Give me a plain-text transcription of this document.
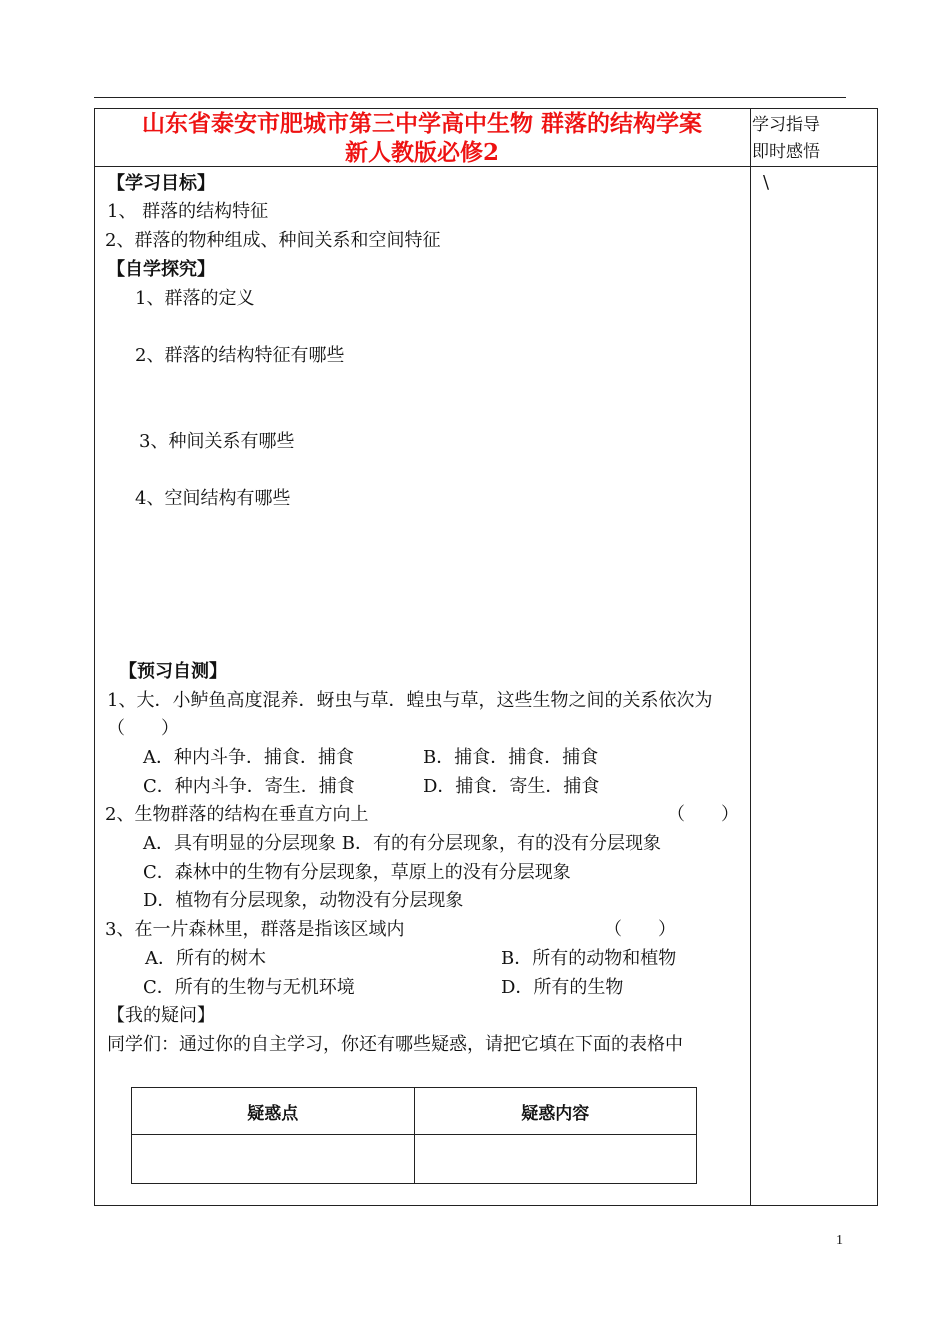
山东省泰安市肥城市第三中学高中生物 群落的结构学案
新人教版必修2
学习指导
即时感悟
\
【学习目标】
1、 群落的结构特征
2、群落的物种组成、种间关系和空间特征
【自学探究】
1、群落的定义
2、群落的结构特征有哪些
3、种间关系有哪些
4、空间结构有哪些
【预习自测】
1、大．小鲈鱼高度混养．蚜虫与草．蝗虫与草，这些生物之间的关系依次为
（　　）
A．种内斗争．捕食．捕食	B．捕食．捕食．捕食
C．种内斗争．寄生．捕食	D．捕食．寄生．捕食
2、生物群落的结构在垂直方向上	（　　）
A．具有明显的分层现象 B．有的有分层现象，有的没有分层现象
C．森林中的生物有分层现象，草原上的没有分层现象
D．植物有分层现象，动物没有分层现象
3、在一片森林里，群落是指该区域内	（　　）
A．所有的树木	B．所有的动物和植物
C．所有的生物与无机环境	D．所有的生物
【我的疑问】
同学们：通过你的自主学习，你还有哪些疑惑，请把它填在下面的表格中
疑惑点	疑惑内容

1
